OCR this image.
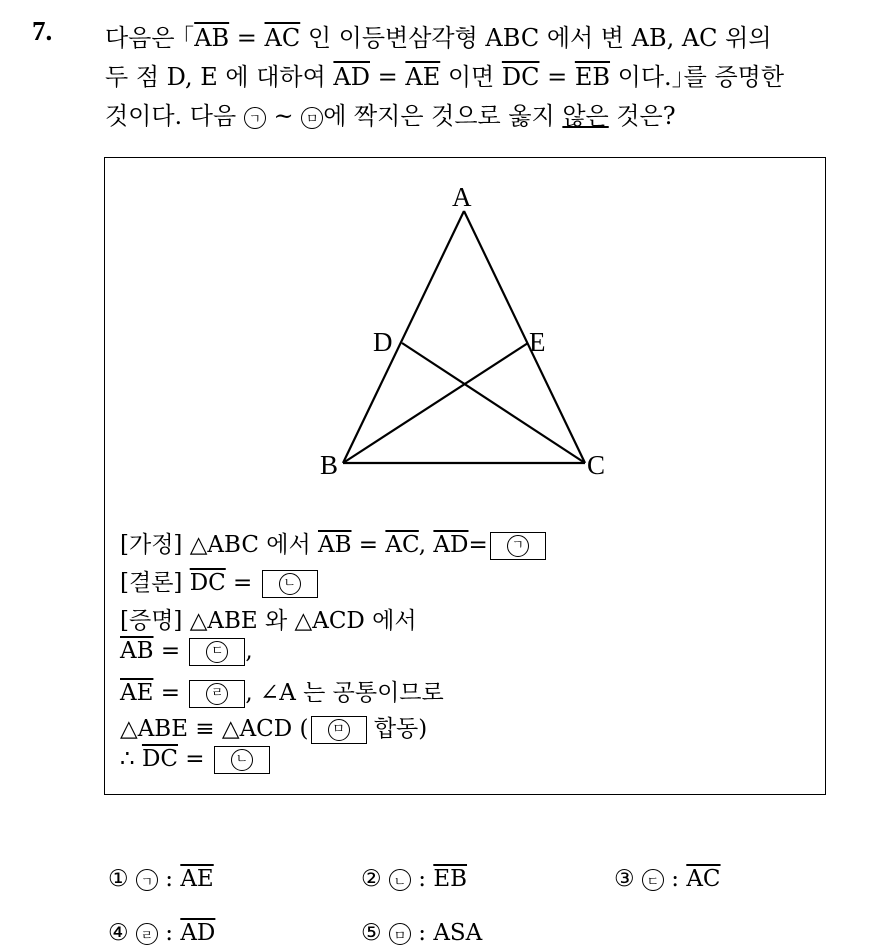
7. 다음은 ｢$\overline{AB} = \overline{AC}$ 인 이등변삼각형 ABC 에서 변 AB, AC 위의
두 점 D, E 에 대하여 $\overline{AD} = \overline{AE}$ 이면 $\overline{DC} = \overline{EB}$ 이다.｣를 증명한
것이다. 다음 ㄱ ~ ㅁ 에 짝지은 것으로 옳지 않은 것은?
A
B	C
D	E
[가정] △ABC 에서 $\overline{AB} = \overline{AC}$, $\overline{AD}=$ ㄱ
[결론] $\overline{DC}$ = ㄴ
[증명] △ABE 와 △ACD 에서
$\overline{AB}$ = ㄷ ,
$\overline{AE}$ = ㄹ , ∠A 는 공통이므로
△ABE ≡ △ACD ( ㅁ 합동)
∴ $\overline{DC}$ = ㄴ
① ㄱ : $\overline{AE}$	② ㄴ : $\overline{EB}$	③ ㄷ : $\overline{AC}$
④ ㄹ : $\overline{AD}$	⑤ ㅁ : ASA
